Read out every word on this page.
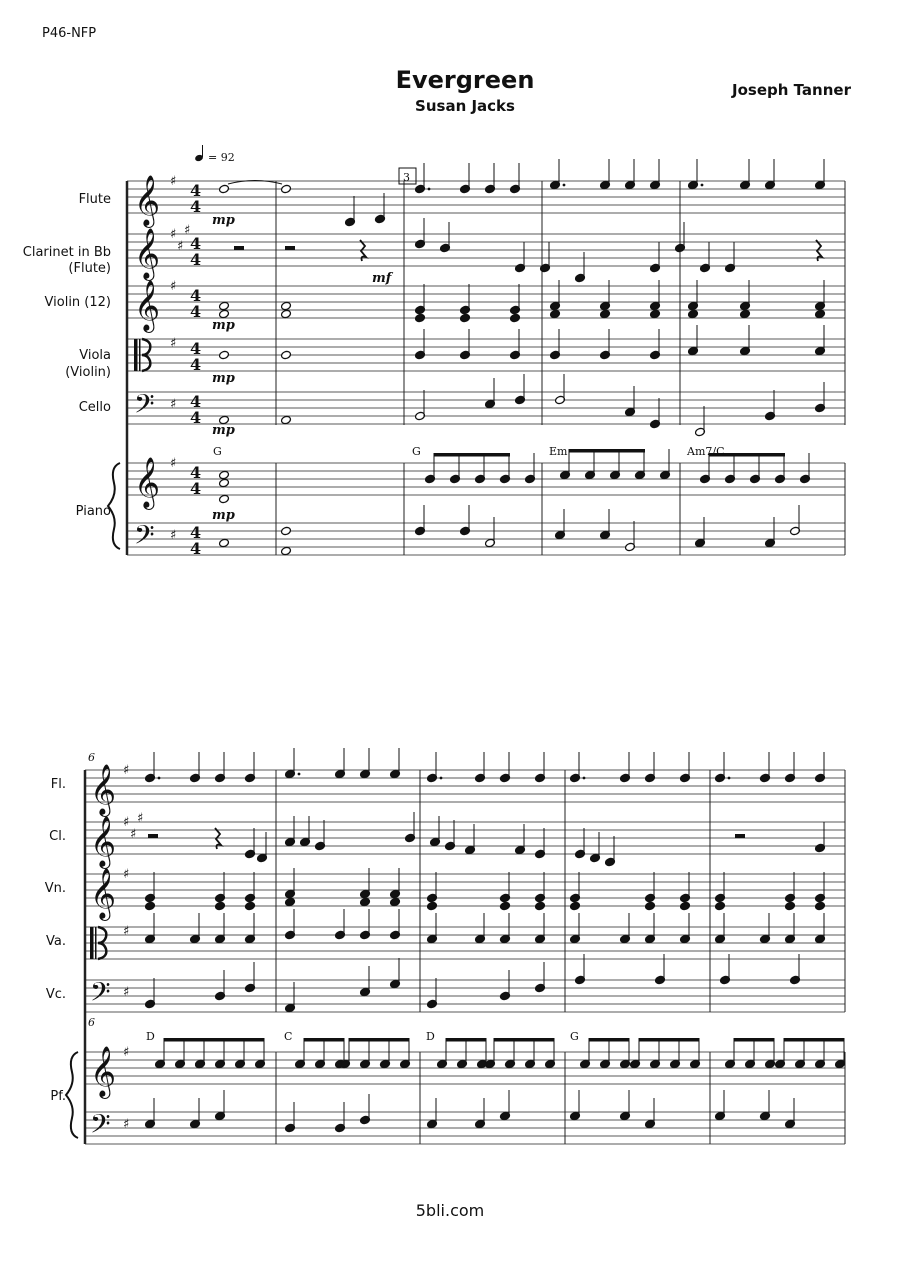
P46-NFP
Evergreen
Susan Jacks
Joseph Tanner
5bli.com
𝄞 ♯ 4
4
𝄞 ♯
♯
♯
4
4
𝄞 ♯ 4
4
♯ 4
4
𝄢 ♯ 4
4
𝄞 ♯ 4
4
𝄢 ♯ 4
4
𝄞 ♯
𝄞 ♯
♯
♯
𝄞 ♯
♯
𝄢 ♯
𝄞 ♯
𝄢 ♯
= 92
3
6
6
Flute
Clarinet in Bb
(Flute)
Violin (12)
Viola
(Violin)
Cello
Piano
Fl.
Cl.
Vn.
Va.
Vc.
Pf.
mp
mf
mp
mp
mp
mp
G	G	Em	Am7/C
D	C	D	G
